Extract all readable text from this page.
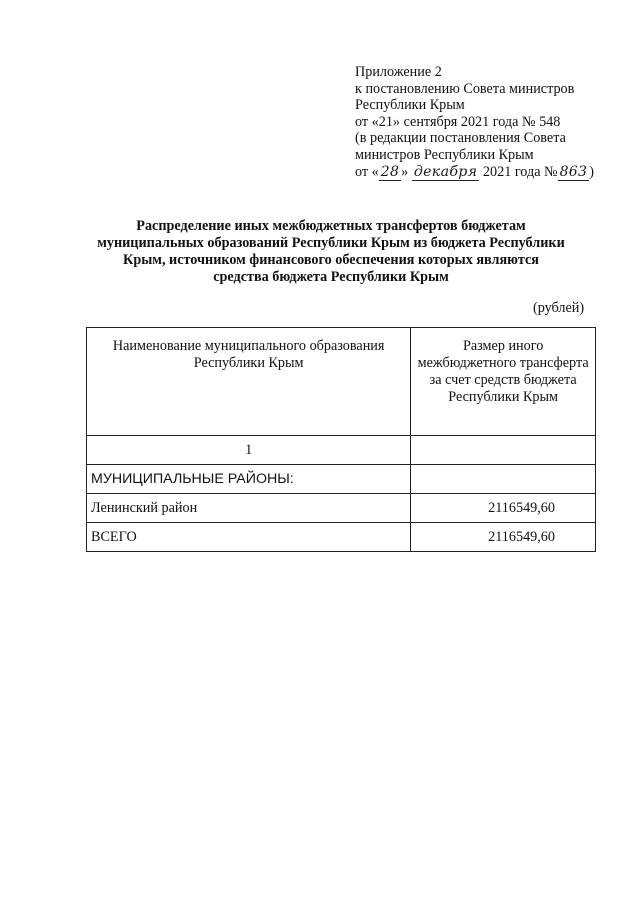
Приложение 2
к постановлению Совета министров
Республики Крым
от «21» сентября 2021 года № 548
(в редакции постановления Совета
министров Республики Крым
от « 28 » декабря 2021 года № 863 )
Распределение иных межбюджетных трансфертов бюджетам
муниципальных образований Республики Крым из бюджета Республики
Крым, источником финансового обеспечения которых являются
средства бюджета Республики Крым
(рублей)
Наименование муниципального образования Республики Крым	Размер иного межбюджетного трансферта за счет средств бюджета Республики Крым
1	
МУНИЦИПАЛЬНЫЕ РАЙОНЫ:	
Ленинский район	2116549,60
ВСЕГО	2116549,60
